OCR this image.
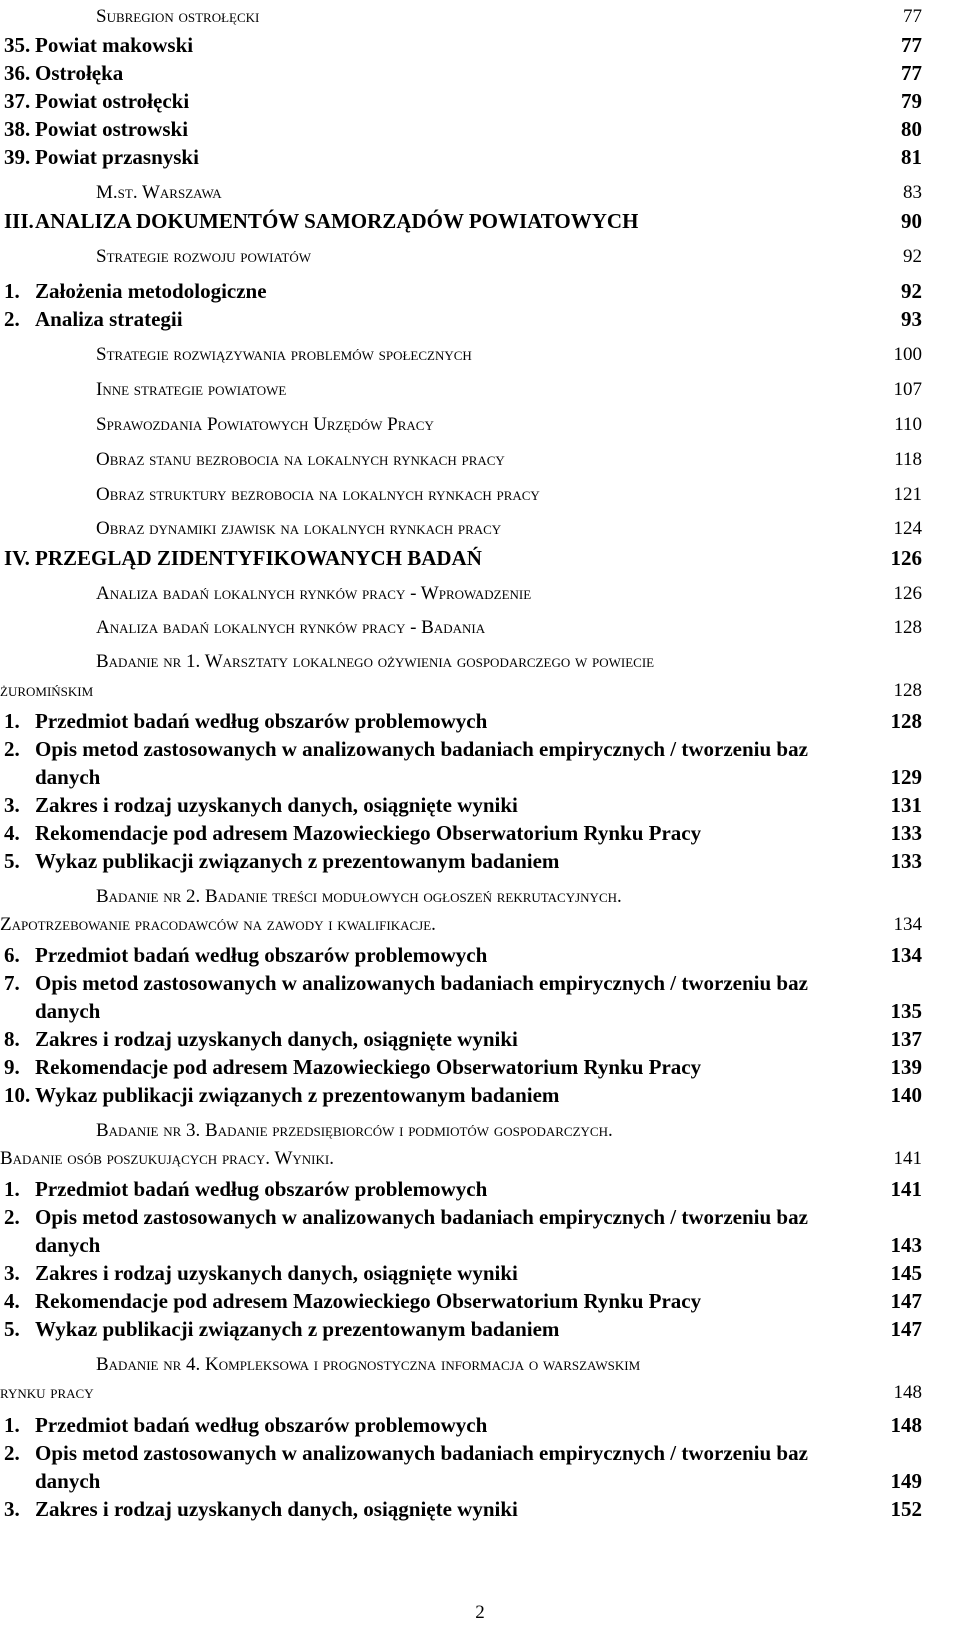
Subregion ostrołęcki	77
35. Powiat makowski	77
36. Ostrołęka	77
37. Powiat ostrołęcki	79
38. Powiat ostrowski	80
39. Powiat przasnyski	81
M.st. Warszawa	83
III. ANALIZA DOKUMENTÓW SAMORZĄDÓW POWIATOWYCH	90
Strategie rozwoju powiatów	92
1. Założenia metodologiczne	92
2. Analiza strategii	93
Strategie rozwiązywania problemów społecznych	100
Inne strategie powiatowe	107
Sprawozdania Powiatowych Urzędów Pracy	110
Obraz stanu bezrobocia na lokalnych rynkach pracy	118
Obraz struktury bezrobocia na lokalnych rynkach pracy	121
Obraz dynamiki zjawisk na lokalnych rynkach pracy	124
IV. PRZEGLĄD ZIDENTYFIKOWANYCH BADAŃ	126
Analiza badań lokalnych rynków pracy - Wprowadzenie	126
Analiza badań lokalnych rynków pracy - Badania	128
Badanie nr 1. Warsztaty lokalnego ożywienia gospodarczego w powiecie
żuromińskim	128
1. Przedmiot badań według obszarów problemowych	128
2. Opis metod zastosowanych w analizowanych badaniach empirycznych / tworzeniu baz
danych	129
3. Zakres i rodzaj uzyskanych danych, osiągnięte wyniki	131
4. Rekomendacje pod adresem Mazowieckiego Obserwatorium Rynku Pracy	133
5. Wykaz publikacji związanych z prezentowanym badaniem	133
Badanie nr 2. Badanie treści modułowych ogłoszeń rekrutacyjnych.
Zapotrzebowanie pracodawców na zawody i kwalifikacje.	134
6. Przedmiot badań według obszarów problemowych	134
7. Opis metod zastosowanych w analizowanych badaniach empirycznych / tworzeniu baz
danych	135
8. Zakres i rodzaj uzyskanych danych, osiągnięte wyniki	137
9. Rekomendacje pod adresem Mazowieckiego Obserwatorium Rynku Pracy	139
10. Wykaz publikacji związanych z prezentowanym badaniem	140
Badanie nr 3. Badanie przedsiębiorców i podmiotów gospodarczych.
Badanie osób poszukujących pracy. Wyniki.	141
1. Przedmiot badań według obszarów problemowych	141
2. Opis metod zastosowanych w analizowanych badaniach empirycznych / tworzeniu baz
danych	143
3. Zakres i rodzaj uzyskanych danych, osiągnięte wyniki	145
4. Rekomendacje pod adresem Mazowieckiego Obserwatorium Rynku Pracy	147
5. Wykaz publikacji związanych z prezentowanym badaniem	147
Badanie nr 4. Kompleksowa i prognostyczna informacja o warszawskim
rynku pracy	148
1. Przedmiot badań według obszarów problemowych	148
2. Opis metod zastosowanych w analizowanych badaniach empirycznych / tworzeniu baz
danych	149
3. Zakres i rodzaj uzyskanych danych, osiągnięte wyniki	152
2
